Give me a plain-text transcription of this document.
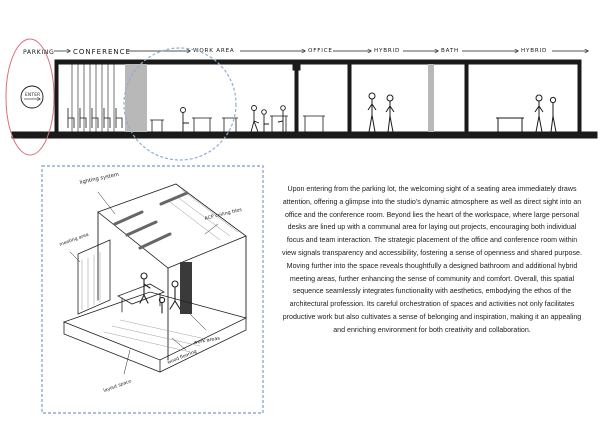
PARKING	CONFERENCE	WORK AREA	OFFICE	HYBRID	BATH	HYBRID
ENTER
lighting system
ACP ceiling tiles
meeting area
work areas
wood flooring
layout space

Upon entering from the parking lot, the welcoming sight of a seating area immediately draws attention, offering a glimpse into the studio's dynamic atmosphere as well as direct sight into an office and the conference room. Beyond lies the heart of the workspace, where large personal desks are lined up with a communal area for laying out projects, encouraging both individual focus and team interaction. The strategic placement of the office and conference room within view signals transparency and accessibility, fostering a sense of openness and shared purpose. Moving further into the space reveals thoughtfully a designed bathroom and additional hybrid meeting areas, further enhancing the sense of community and comfort. Overall, this spatial sequence seamlessly integrates functionality with aesthetics, embodying the ethos of the architectural profession. Its careful orchestration of spaces and activities not only facilitates productive work but also cultivates a sense of belonging and inspiration, making it an appealing and enriching environment for both creativity and collaboration.
